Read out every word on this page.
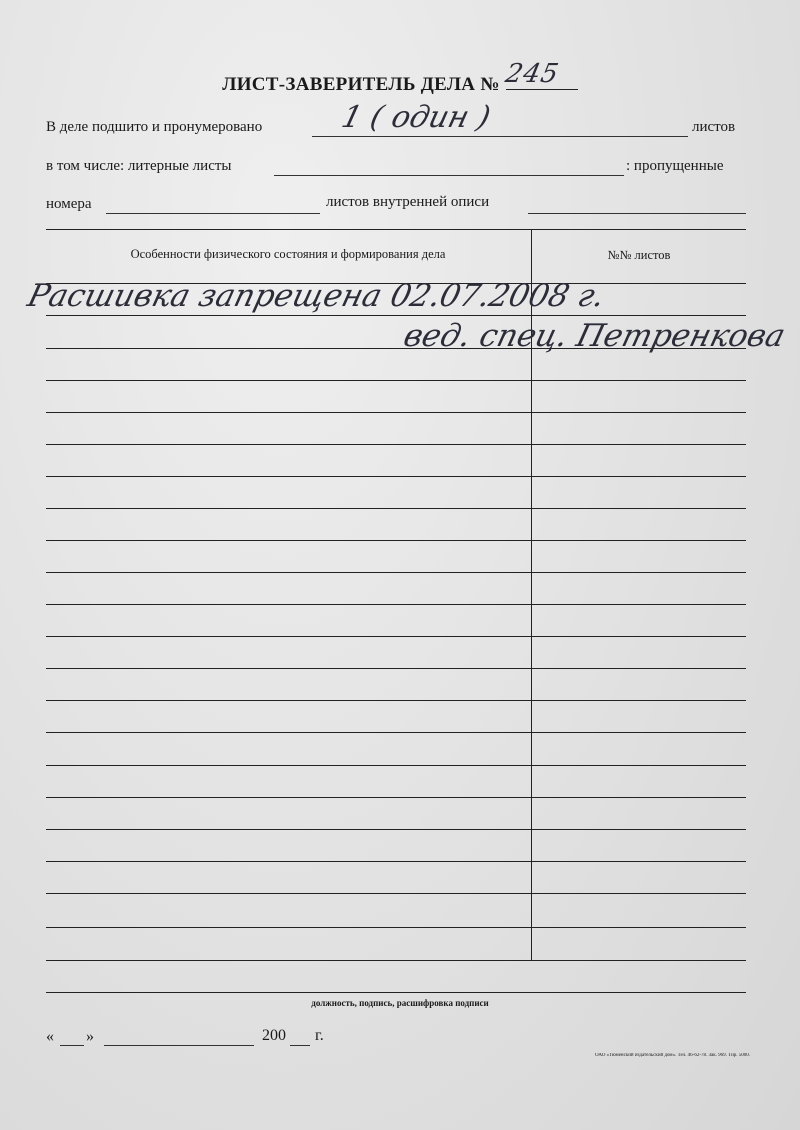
ЛИСТ-ЗАВЕРИТЕЛЬ ДЕЛА № 245
В деле подшито и пронумеровано	1 ( один )	листов
в том числе: литерные листы	: пропущенные
номера	листов внутренней описи
Особенности физического состояния и формирования дела	№№ листов
Расшивка запрещена 02.07.2008 г.
вед. спец. Петренкова
должность, подпись, расшифровка подписи
« »	200 г.
ОАО «Тюменский издательский дом». Тел. 46-62-78. Зак. 969. Тир. 5000.
